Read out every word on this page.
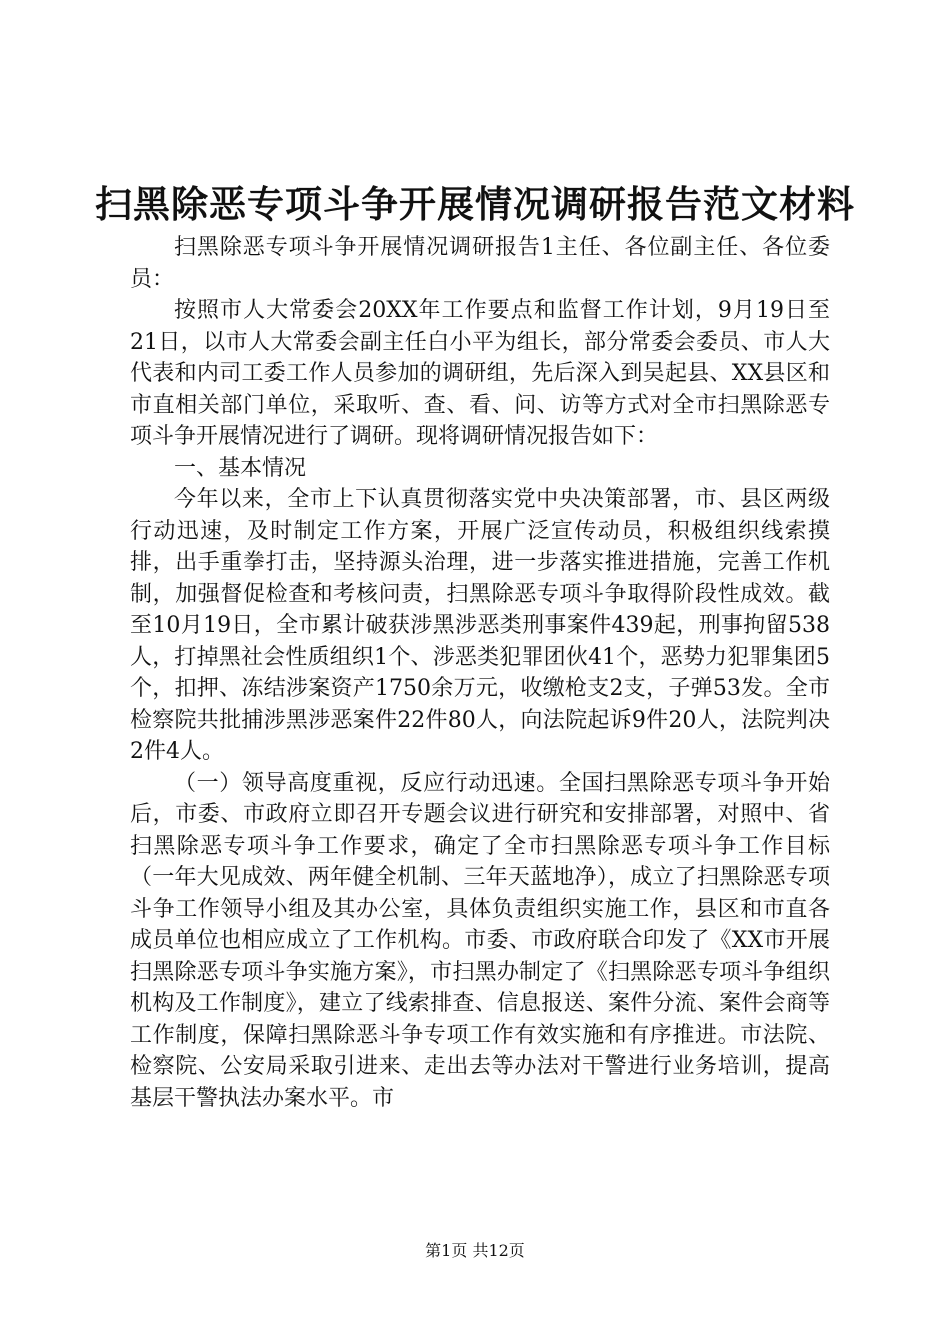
扫黑除恶专项斗争开展情况调研报告范文材料

扫黑除恶专项斗争开展情况调研报告1主任、各位副主任、各位委员：

按照市人大常委会20XX年工作要点和监督工作计划，9月19日至21日，以市人大常委会副主任白小平为组长，部分常委会委员、市人大代表和内司工委工作人员参加的调研组，先后深入到吴起县、XX县区和市直相关部门单位，采取听、查、看、问、访等方式对全市扫黑除恶专项斗争开展情况进行了调研。现将调研情况报告如下：

一、基本情况

今年以来，全市上下认真贯彻落实党中央决策部署，市、县区两级行动迅速，及时制定工作方案，开展广泛宣传动员，积极组织线索摸排，出手重拳打击，坚持源头治理，进一步落实推进措施，完善工作机制，加强督促检查和考核问责，扫黑除恶专项斗争取得阶段性成效。截至10月19日，全市累计破获涉黑涉恶类刑事案件439起，刑事拘留538人，打掉黑社会性质组织1个、涉恶类犯罪团伙41个，恶势力犯罪集团5个，扣押、冻结涉案资产1750余万元，收缴枪支2支，子弹53发。全市检察院共批捕涉黑涉恶案件22件80人，向法院起诉9件20人，法院判决2件4人。

（一）领导高度重视，反应行动迅速。全国扫黑除恶专项斗争开始后，市委、市政府立即召开专题会议进行研究和安排部署，对照中、省扫黑除恶专项斗争工作要求，确定了全市扫黑除恶专项斗争工作目标（一年大见成效、两年健全机制、三年天蓝地净），成立了扫黑除恶专项斗争工作领导小组及其办公室，具体负责组织实施工作，县区和市直各成员单位也相应成立了工作机构。市委、市政府联合印发了《XX市开展扫黑除恶专项斗争实施方案》，市扫黑办制定了《扫黑除恶专项斗争组织机构及工作制度》，建立了线索排查、信息报送、案件分流、案件会商等工作制度，保障扫黑除恶斗争专项工作有效实施和有序推进。市法院、检察院、公安局采取引进来、走出去等办法对干警进行业务培训，提高基层干警执法办案水平。市

第1页 共12页
